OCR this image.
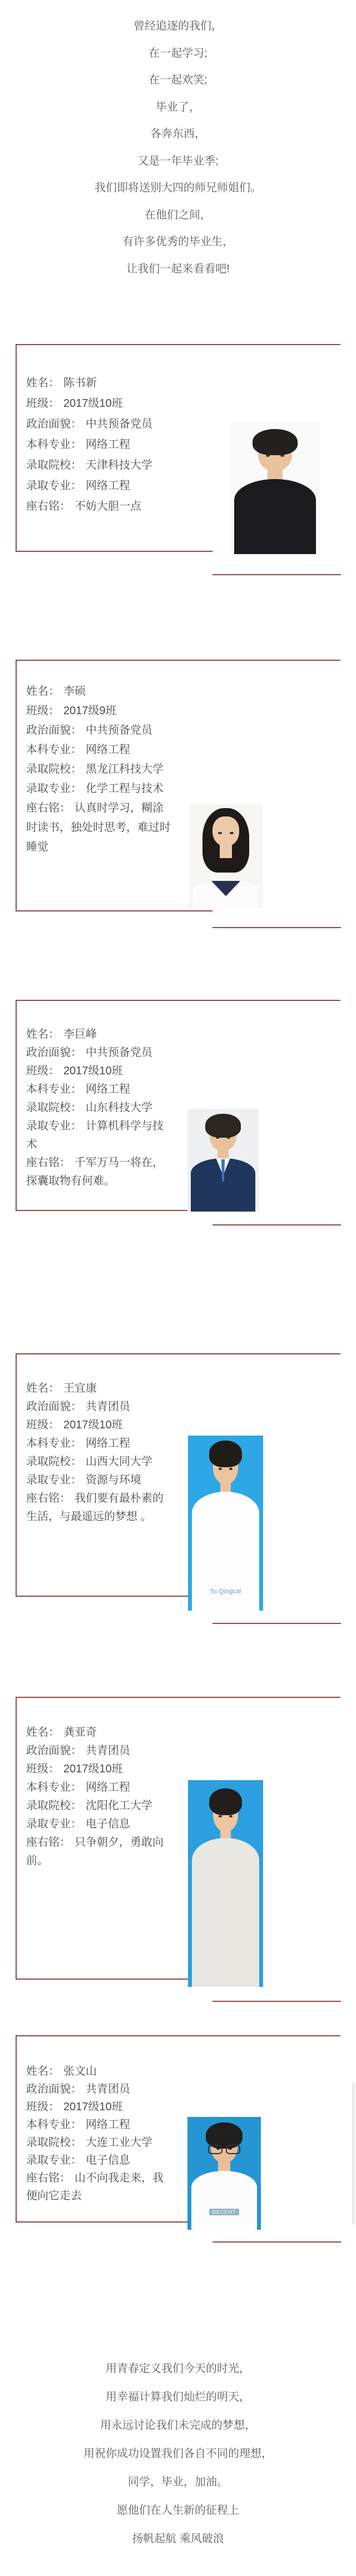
曾经追逐的我们，
在一起学习;
在一起欢笑;
毕业了，
各奔东西，
又是一年毕业季;
我们即将送别大四的师兄师姐们。
在他们之间，
有许多优秀的毕业生，
让我们一起来看看吧!
姓名： 陈书新
班级： 2017级10班
政治面貌： 中共预备党员
本科专业： 网络工程
录取院校： 天津科技大学
录取专业： 网络工程
座右铭： 不妨大胆一点
姓名： 李硕
班级： 2017级9班
政治面貌： 中共预备党员
本科专业： 网络工程
录取院校： 黑龙江科技大学
录取专业： 化学工程与技术
座右铭： 认真时学习，糊涂时读书，独处时思考，难过时睡觉
姓名： 李巨峰
政治面貌： 中共预备党员
班级： 2017级10班
本科专业： 网络工程
录取院校： 山东科技大学
录取专业： 计算机科学与技术
座右铭： 千军万马一将在，探囊取物有何难。
姓名： 王宜康
政治面貌： 共青团员
班级： 2017级10班
本科专业： 网络工程
录取院校： 山西大同大学
录取专业： 资源与环境
座右铭： 我们要有最朴素的生活，与最遥远的梦想 。
To Qingcai
姓名： 龚亚奇
政治面貌： 共青团员
班级： 2017级10班
本科专业： 网络工程
录取院校： 沈阳化工大学
录取专业： 电子信息
座右铭： 只争朝夕，勇敢向前。
姓名： 张文山
政治面貌： 共青团员
班级： 2017级10班
本科专业： 网络工程
录取院校： 大连工业大学
录取专业： 电子信息
座右铭： 山不向我走来，我便向它走去
DECENT
用青春定义我们今天的时光，
用幸福计算我们灿烂的明天，
用永远讨论我们未完成的梦想，
用祝你成功设置我们各自不同的理想，
同学，毕业，加油。
愿他们在人生新的征程上
扬帆起航 乘风破浪
